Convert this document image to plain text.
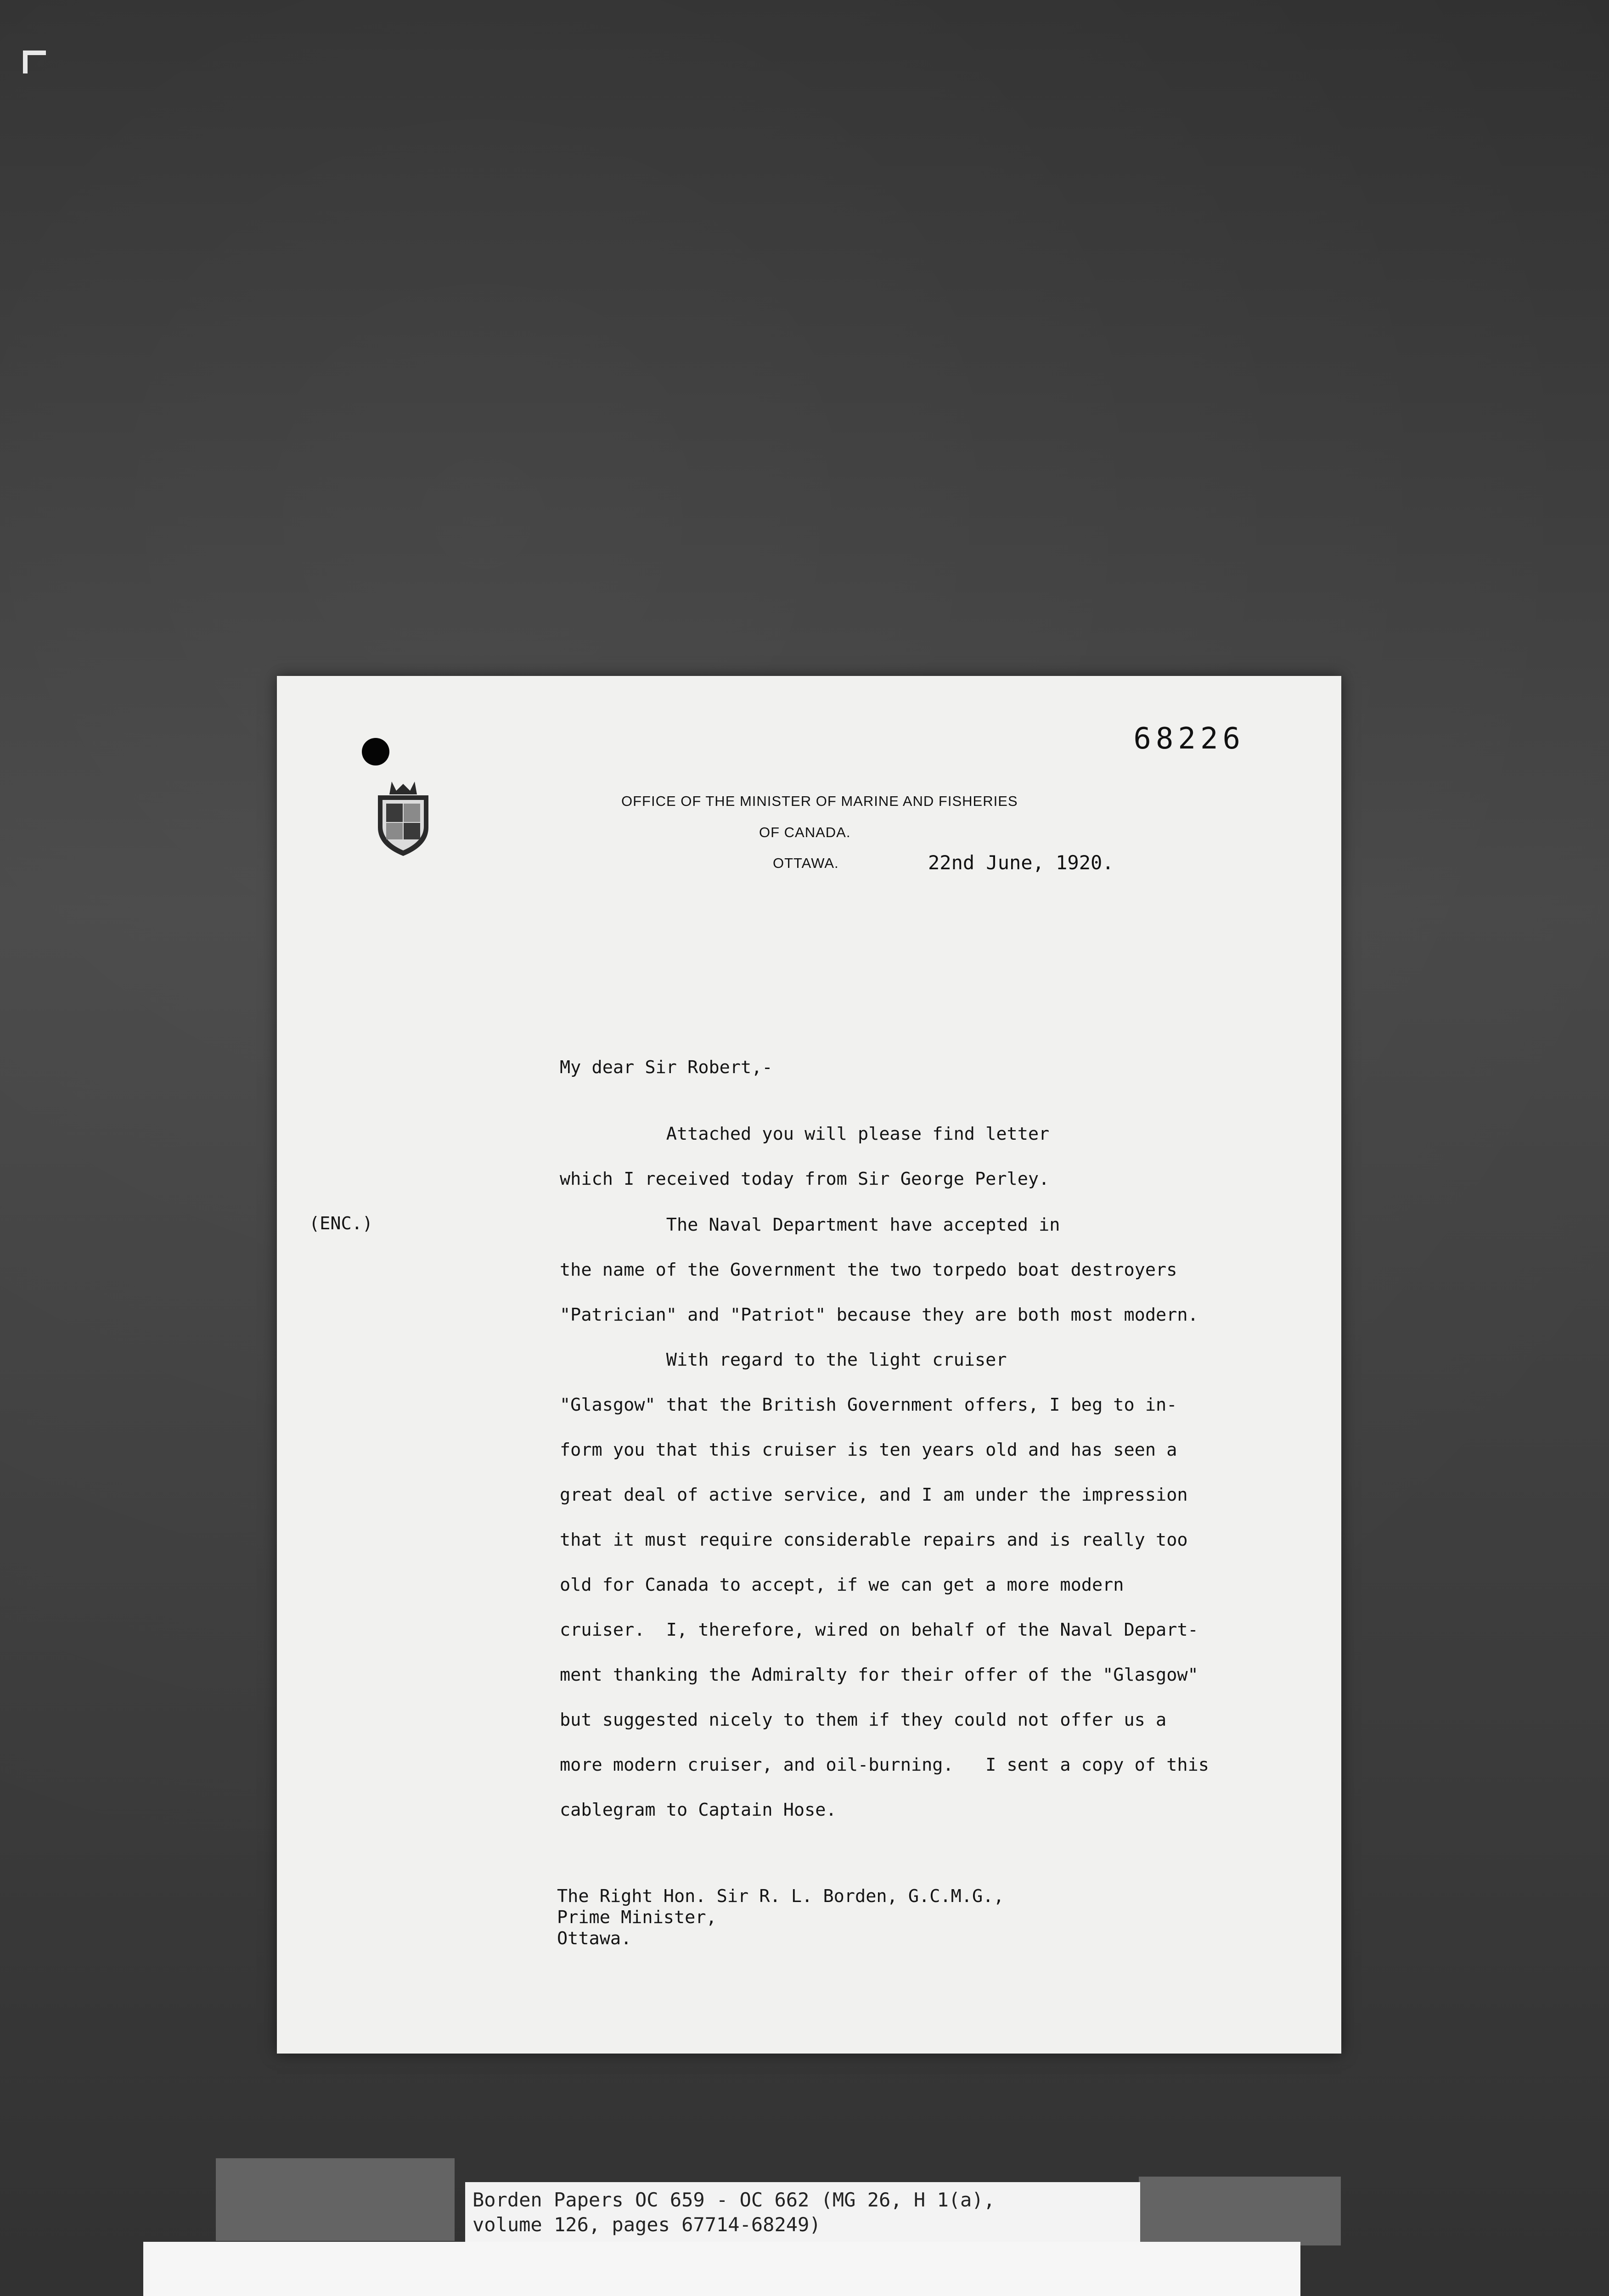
68226
OFFICE OF THE MINISTER OF MARINE AND FISHERIES
OF CANADA.
OTTAWA.	22nd June, 1920.
My dear Sir Robert,-
(ENC.)
Attached you will please find letter
which I received today from Sir George Perley.
The Naval Department have accepted in
the name of the Government the two torpedo boat destroyers
"Patrician" and "Patriot" because they are both most modern.
With regard to the light cruiser
"Glasgow" that the British Government offers, I beg to in-
form you that this cruiser is ten years old and has seen a
great deal of active service, and I am under the impression
that it must require considerable repairs and is really too
old for Canada to accept, if we can get a more modern
cruiser.  I, therefore, wired on behalf of the Naval Depart-
ment thanking the Admiralty for their offer of the "Glasgow"
but suggested nicely to them if they could not offer us a
more modern cruiser, and oil-burning.   I sent a copy of this
cablegram to Captain Hose.
The Right Hon. Sir R. L. Borden, G.C.M.G.,
Prime Minister,
Ottawa.
Borden Papers OC 659 - OC 662 (MG 26, H 1(a),
volume 126, pages 67714-68249)
